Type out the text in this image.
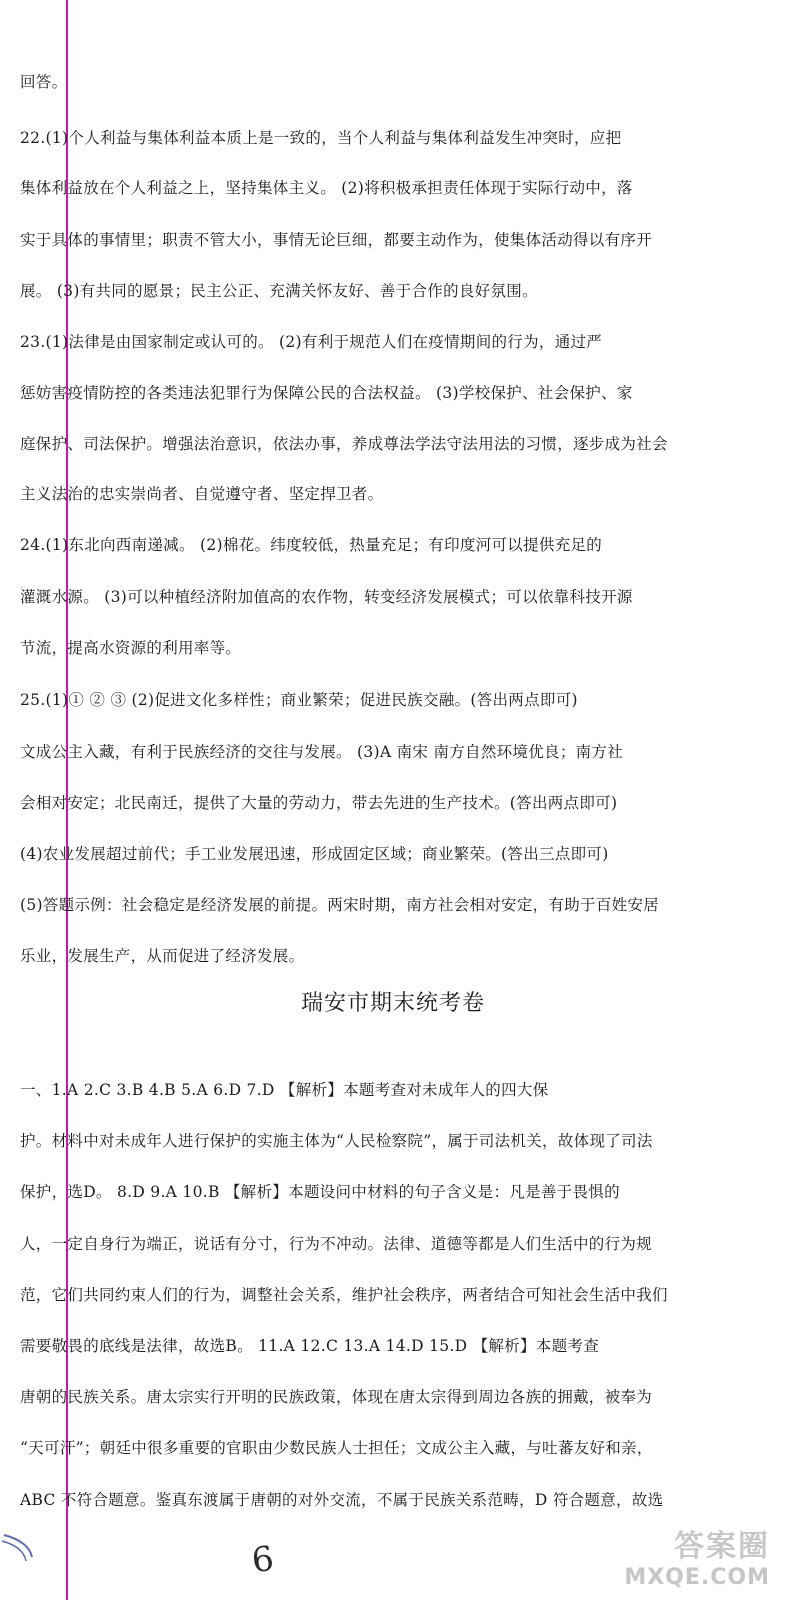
回答。
22.(1)个人利益与集体利益本质上是一致的，当个人利益与集体利益发生冲突时，应把
集体利益放在个人利益之上，坚持集体主义。 (2)将积极承担责任体现于实际行动中，落
实于具体的事情里；职责不管大小，事情无论巨细，都要主动作为，使集体活动得以有序开
展。 (3)有共同的愿景；民主公正、充满关怀友好、善于合作的良好氛围。
23.(1)法律是由国家制定或认可的。 (2)有利于规范人们在疫情期间的行为，通过严
惩妨害疫情防控的各类违法犯罪行为保障公民的合法权益。 (3)学校保护、社会保护、家
庭保护、司法保护。增强法治意识，依法办事，养成尊法学法守法用法的习惯，逐步成为社会
主义法治的忠实崇尚者、自觉遵守者、坚定捍卫者。
24.(1)东北向西南递减。 (2)棉花。纬度较低，热量充足；有印度河可以提供充足的
灌溉水源。 (3)可以种植经济附加值高的农作物，转变经济发展模式；可以依靠科技开源
节流，提高水资源的利用率等。
25.(1)① ② ③ (2)促进文化多样性；商业繁荣；促进民族交融。(答出两点即可)
文成公主入藏，有利于民族经济的交往与发展。 (3)A 南宋 南方自然环境优良；南方社
会相对安定；北民南迁，提供了大量的劳动力，带去先进的生产技术。(答出两点即可)
(4)农业发展超过前代；手工业发展迅速，形成固定区域；商业繁荣。(答出三点即可)
(5)答题示例：社会稳定是经济发展的前提。两宋时期，南方社会相对安定，有助于百姓安居
乐业，发展生产，从而促进了经济发展。
一、1.A 2.C 3.B 4.B 5.A 6.D 7.D 【解析】本题考查对未成年人的四大保
护。材料中对未成年人进行保护的实施主体为“人民检察院”，属于司法机关，故体现了司法
保护，选D。 8.D 9.A 10.B 【解析】本题设问中材料的句子含义是：凡是善于畏惧的
人，一定自身行为端正，说话有分寸，行为不冲动。法律、道德等都是人们生活中的行为规
范，它们共同约束人们的行为，调整社会关系，维护社会秩序，两者结合可知社会生活中我们
需要敬畏的底线是法律，故选B。 11.A 12.C 13.A 14.D 15.D 【解析】本题考查
唐朝的民族关系。唐太宗实行开明的民族政策，体现在唐太宗得到周边各族的拥戴，被奉为
“天可汗”；朝廷中很多重要的官职由少数民族人士担任；文成公主入藏，与吐蕃友好和亲，
ABC 不符合题意。鉴真东渡属于唐朝的对外交流，不属于民族关系范畴，D 符合题意，故选
瑞安市期末统考卷
6	答案圈
MXQE.COM
